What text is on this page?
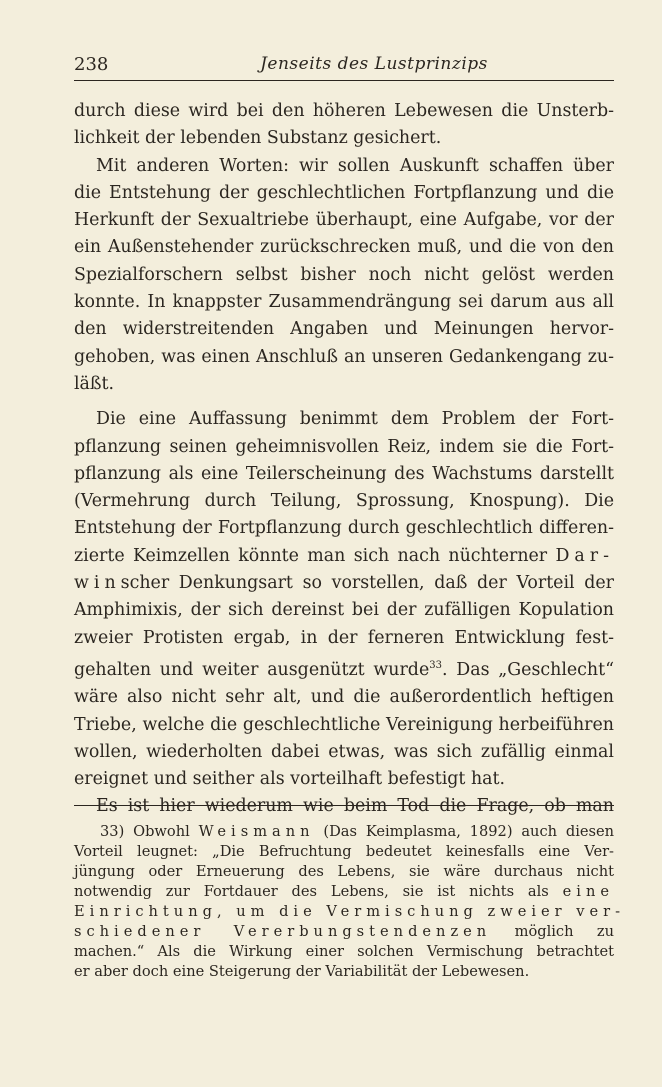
238	Jenseits des Lustprinzips

durch diese wird bei den höheren Lebewesen die Unsterb-
lichkeit der lebenden Substanz gesichert.

Mit anderen Worten: wir sollen Auskunft schaffen über
die Entstehung der geschlechtlichen Fortpflanzung und die
Herkunft der Sexualtriebe überhaupt, eine Aufgabe, vor der
ein Außenstehender zurückschrecken muß, und die von den
Spezialforschern selbst bisher noch nicht gelöst werden
konnte. In knappster Zusammendrängung sei darum aus all
den widerstreitenden Angaben und Meinungen hervor-
gehoben, was einen Anschluß an unseren Gedankengang zu-
läßt.

Die eine Auffassung benimmt dem Problem der Fort-
pflanzung seinen geheimnisvollen Reiz, indem sie die Fort-
pflanzung als eine Teilerscheinung des Wachstums darstellt
(Vermehrung durch Teilung, Sprossung, Knospung). Die
Entstehung der Fortpflanzung durch geschlechtlich differen-
zierte Keimzellen könnte man sich nach nüchterner Dar-
winscher Denkungsart so vorstellen, daß der Vorteil der
Amphimixis, der sich dereinst bei der zufälligen Kopulation
zweier Protisten ergab, in der ferneren Entwicklung fest-
gehalten und weiter ausgenützt wurde$^{33}$. Das „Geschlecht“
wäre also nicht sehr alt, und die außerordentlich heftigen
Triebe, welche die geschlechtliche Vereinigung herbeiführen
wollen, wiederholten dabei etwas, was sich zufällig einmal
ereignet und seither als vorteilhaft befestigt hat.

Es ist hier wiederum wie beim Tod die Frage, ob man

33) Obwohl Weismann (Das Keimplasma, 1892) auch diesen
Vorteil leugnet: „Die Befruchtung bedeutet keinesfalls eine Ver-
jüngung oder Erneuerung des Lebens, sie wäre durchaus nicht
notwendig zur Fortdauer des Lebens, sie ist nichts als eine
Einrichtung, um die Vermischung zweier ver-
schiedener Vererbungstendenzen möglich zu
machen.“ Als die Wirkung einer solchen Vermischung betrachtet
er aber doch eine Steigerung der Variabilität der Lebewesen.
